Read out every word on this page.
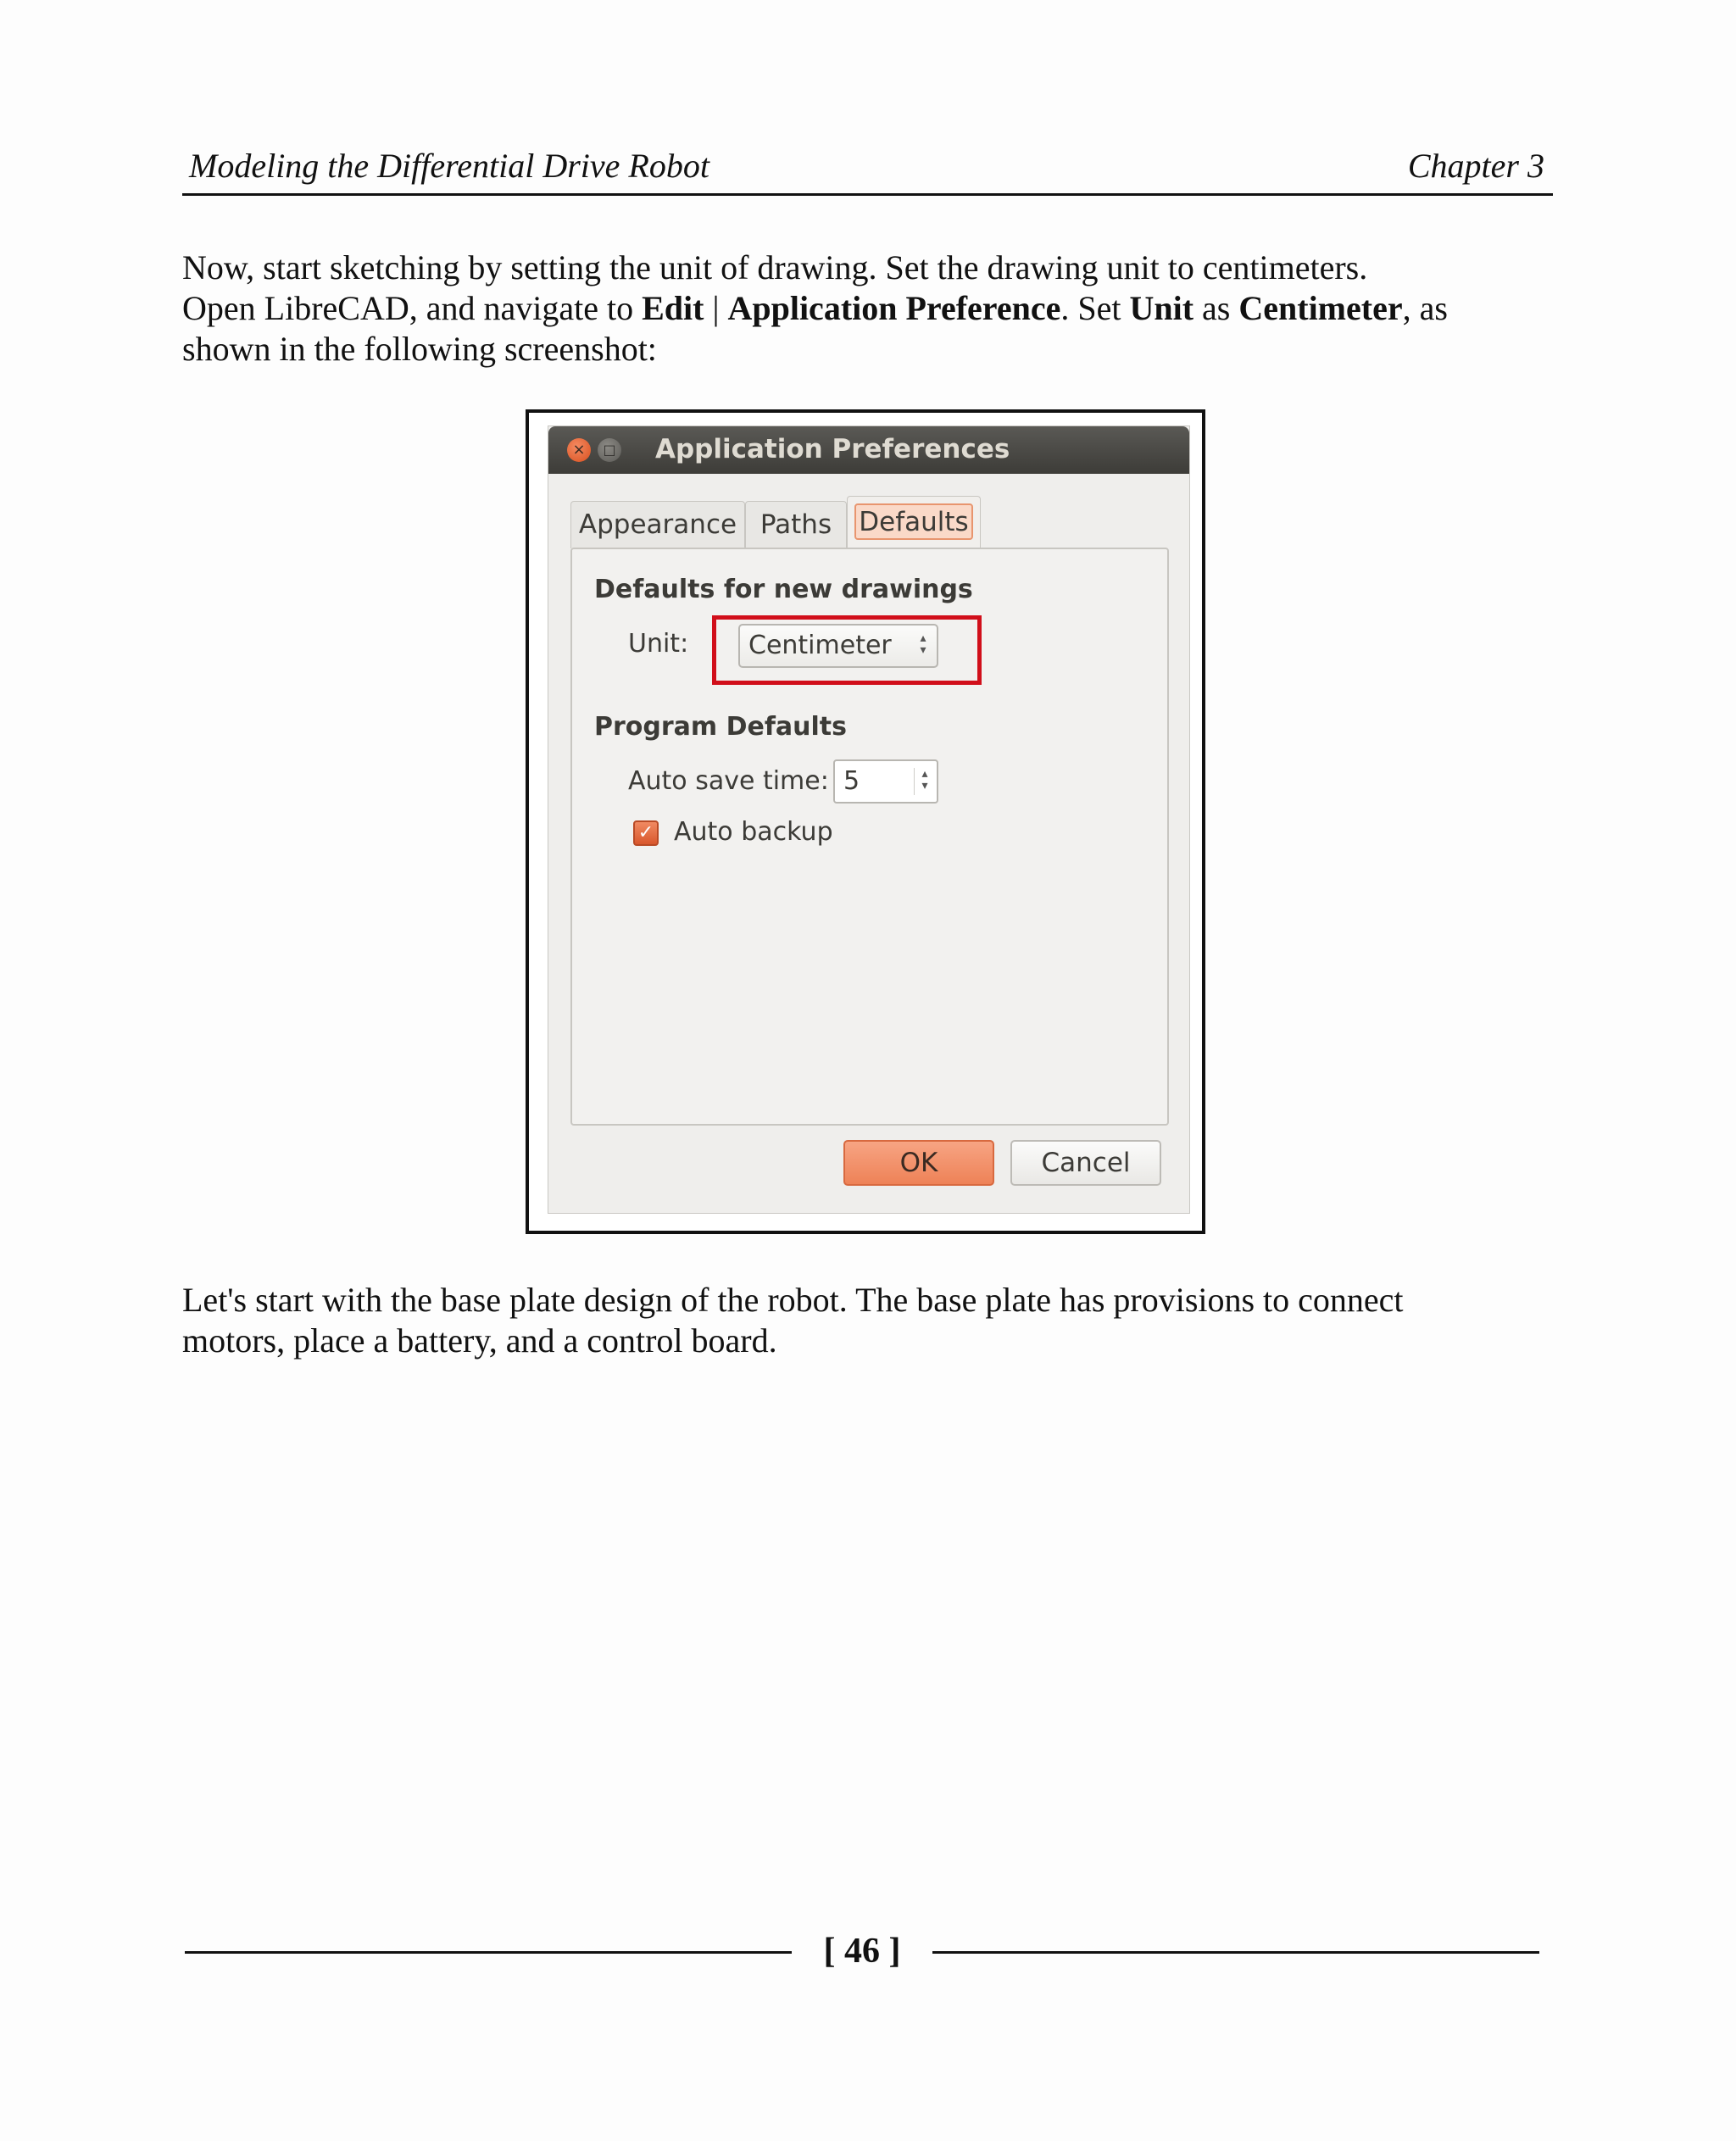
Modeling the Differential Drive Robot	Chapter 3

Now, start sketching by setting the unit of drawing. Set the drawing unit to centimeters.
Open LibreCAD, and navigate to Edit | Application Preference. Set Unit as Centimeter, as
shown in the following screenshot:

×	□ Application Preferences
Appearance Paths	Defaults
Defaults for new drawings
Unit: Centimeter	▴
▾
Program Defaults
Auto save time: 5	▴
▾
✓ Auto backup
OK	Cancel

Let's start with the base plate design of the robot. The base plate has provisions to connect
motors, place a battery, and a control board.

[ 46 ]
